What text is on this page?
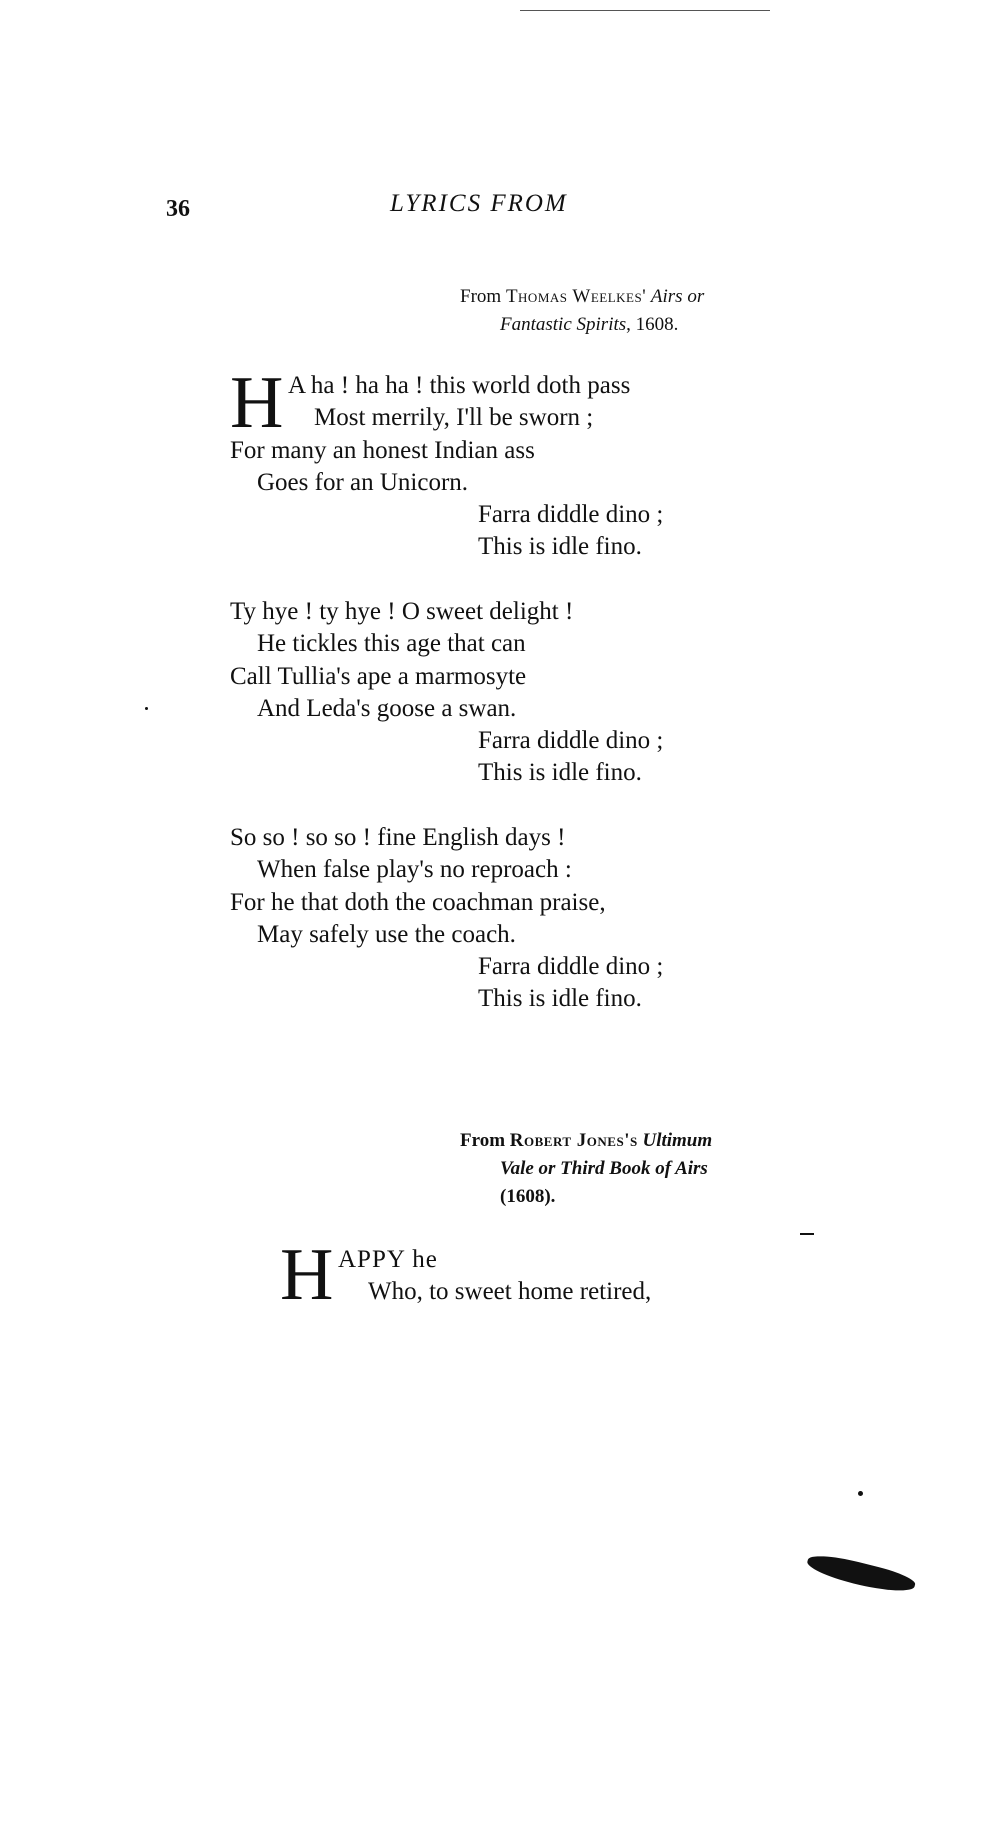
36	LYRICS FROM
From Thomas Weelkes' Airs or
Fantastic Spirits, 1608.
H A ha ! ha ha ! this world doth pass
Most merrily, I'll be sworn ;
For many an honest Indian ass
Goes for an Unicorn.
Farra diddle dino ;
This is idle fino.
Ty hye ! ty hye ! O sweet delight !
He tickles this age that can
Call Tullia's ape a marmosyte
And Leda's goose a swan.
Farra diddle dino ;
This is idle fino.
So so ! so so ! fine English days !
When false play's no reproach :
For he that doth the coachman praise,
May safely use the coach.
Farra diddle dino ;
This is idle fino.
From Robert Jones's Ultimum
Vale or Third Book of Airs
(1608).
H APPY he
Who, to sweet home retired,
